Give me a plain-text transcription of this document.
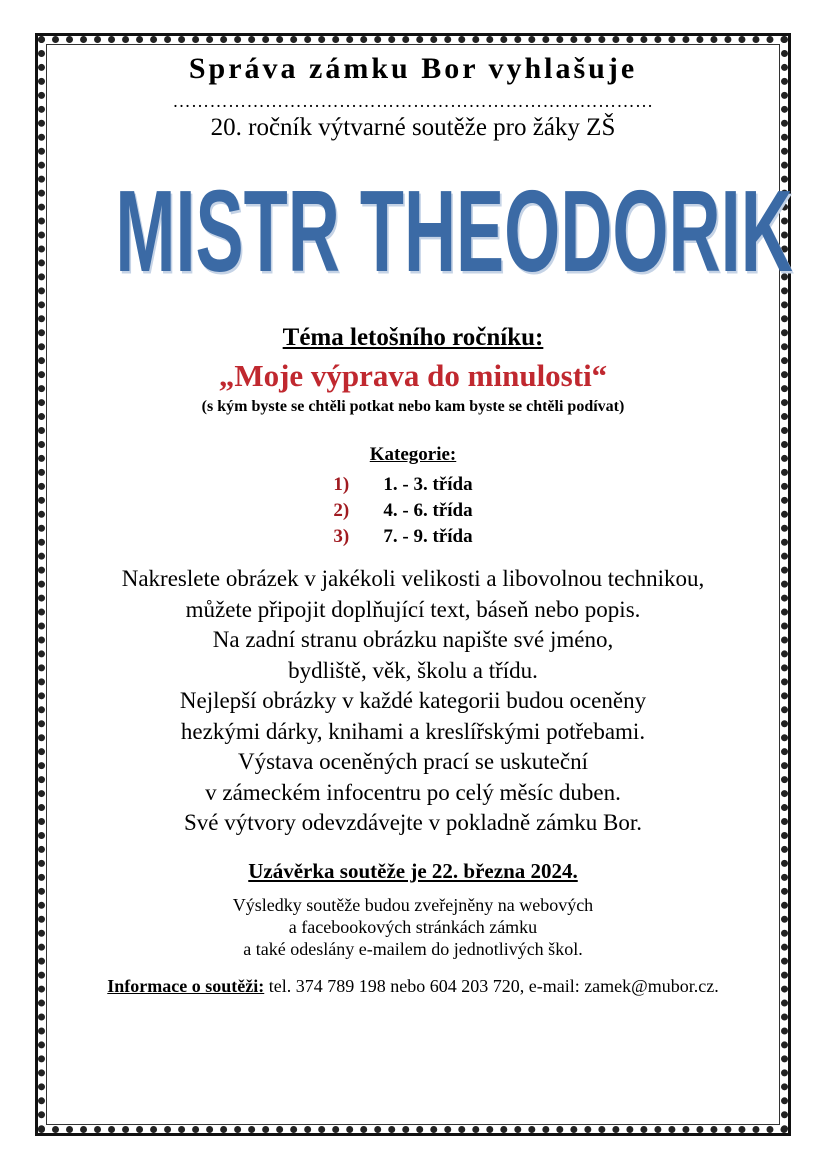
Správa zámku Bor vyhlašuje
……………………………………………………………………
20. ročník výtvarné soutěže pro žáky ZŠ
MISTR THEODORIK
Téma letošního ročníku:
„Moje výprava do minulosti“
(s kým byste se chtěli potkat nebo kam byste se chtěli podívat)
Kategorie:
1) 1. - 3. třída
2) 4. - 6. třída
3) 7. - 9. třída
Nakreslete obrázek v jakékoli velikosti a libovolnou technikou,
můžete připojit doplňující text, báseň nebo popis.
Na zadní stranu obrázku napište své jméno,
bydliště, věk, školu a třídu.
Nejlepší obrázky v každé kategorii budou oceněny
hezkými dárky, knihami a kreslířskými potřebami.
Výstava oceněných prací se uskuteční
v zámeckém infocentru po celý měsíc duben.
Své výtvory odevzdávejte v pokladně zámku Bor.
Uzávěrka soutěže je 22. března 2024.
Výsledky soutěže budou zveřejněny na webových
a facebookových stránkách zámku
a také odeslány e-mailem do jednotlivých škol.
Informace o soutěži: tel. 374 789 198 nebo 604 203 720, e-mail: zamek@mubor.cz.
